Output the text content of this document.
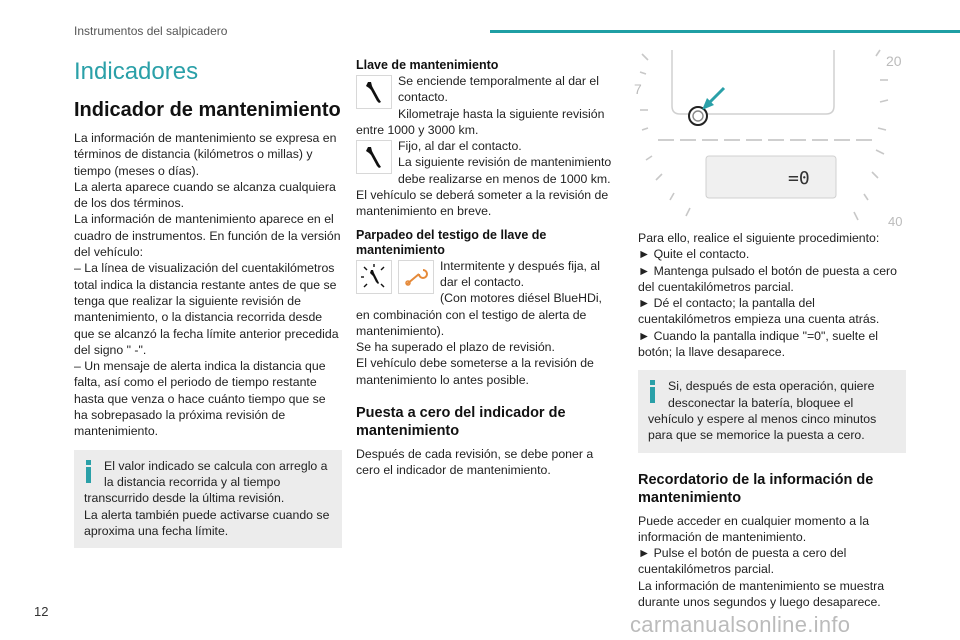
Instrumentos del salpicadero
Indicadores
Indicador de mantenimiento

La información de mantenimiento se expresa en términos de distancia (kilómetros o millas) y tiempo (meses o días).

La alerta aparece cuando se alcanza cualquiera de los dos términos.

La información de mantenimiento aparece en el cuadro de instrumentos. En función de la versión del vehículo:

– La línea de visualización del cuentakilómetros total indica la distancia restante antes de que se tenga que realizar la siguiente revisión de mantenimiento, o la distancia recorrida desde que se alcanzó la fecha límite anterior precedida del signo " -".

– Un mensaje de alerta indica la distancia que falta, así como el periodo de tiempo restante hasta que venza o hace cuánto tiempo que se ha sobrepasado la próxima revisión de mantenimiento.

El valor indicado se calcula con arreglo a la distancia recorrida y al tiempo transcurrido desde la última revisión.

La alerta también puede activarse cuando se aproxima una fecha límite.

Llave de mantenimiento
Se enciende temporalmente al dar el contacto.

Kilometraje hasta la siguiente revisión entre 1000 y 3000 km.

Fijo, al dar el contacto.
La siguiente revisión de mantenimiento debe realizarse en menos de 1000 km.

El vehículo se deberá someter a la revisión de mantenimiento en breve.

Parpadeo del testigo de llave de mantenimiento
Intermitente y después fija, al dar el contacto.

(Con motores diésel BlueHDi, en combinación con el testigo de alerta de mantenimiento).

Se ha superado el plazo de revisión.

El vehículo debe someterse a la revisión de mantenimiento lo antes posible.

Puesta a cero del indicador de mantenimiento

Después de cada revisión, se debe poner a cero el indicador de mantenimiento.

7
20
40
=0

Para ello, realice el siguiente procedimiento:

► Quite el contacto.

► Mantenga pulsado el botón de puesta a cero del cuentakilómetros parcial.

► Dé el contacto; la pantalla del cuentakilómetros empieza una cuenta atrás.

► Cuando la pantalla indique "=0", suelte el botón; la llave desaparece.

Si, después de esta operación, quiere desconectar la batería, bloquee el vehículo y espere al menos cinco minutos para que se memorice la puesta a cero.

Recordatorio de la información de mantenimiento

Puede acceder en cualquier momento a la información de mantenimiento.

► Pulse el botón de puesta a cero del cuentakilómetros parcial.

La información de mantenimiento se muestra durante unos segundos y luego desaparece.

12
carmanualsonline.info
